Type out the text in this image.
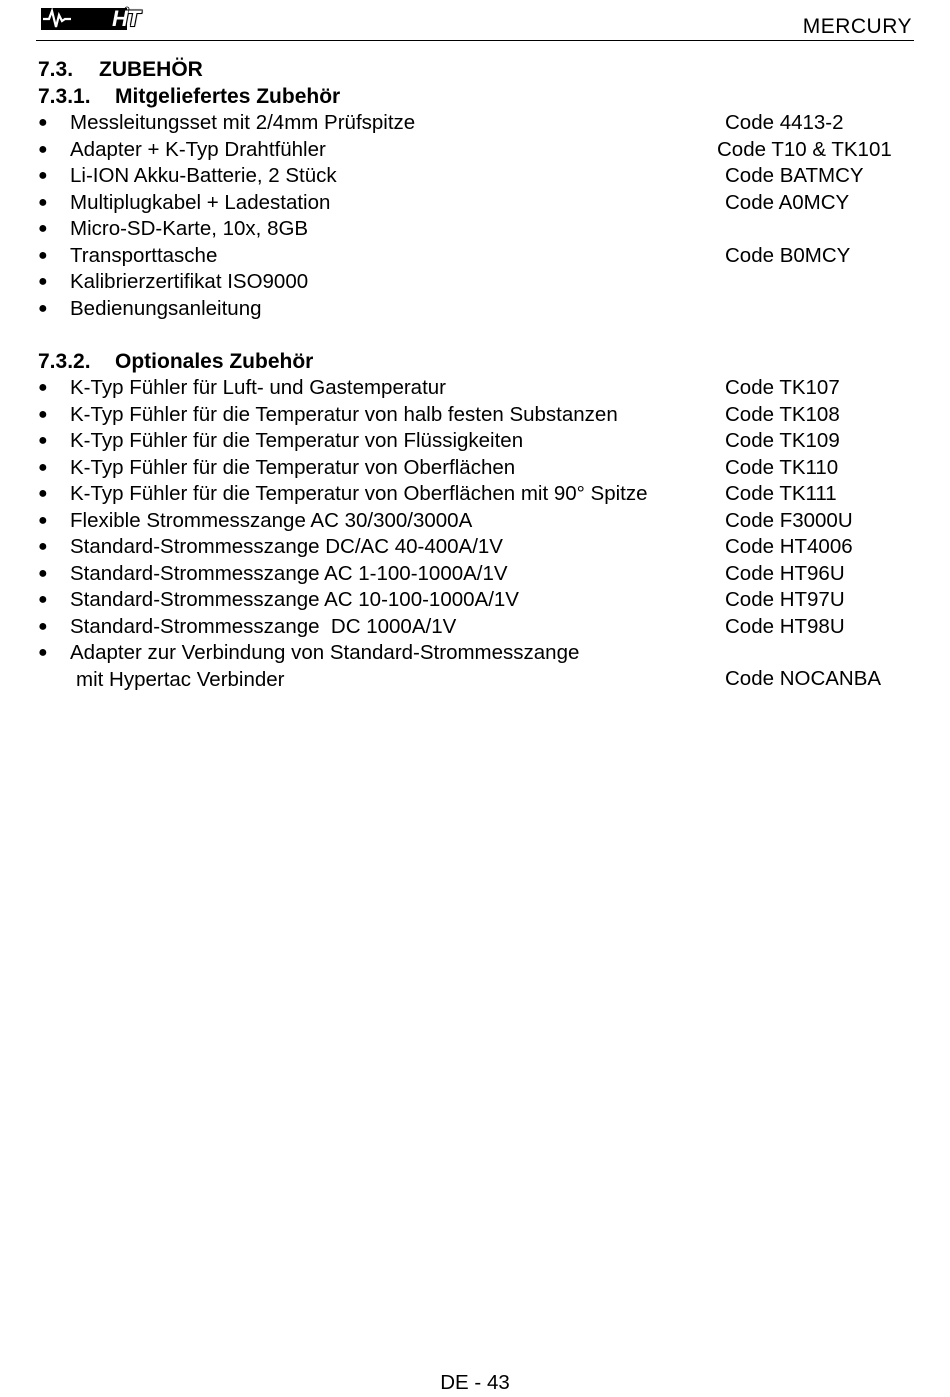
HT	MERCURY
7.3.	ZUBEHÖR
7.3.1.	Mitgeliefertes Zubehör
●	Messleitungsset mit 2/4mm Prüfspitze	Code 4413-2
●	Adapter + K-Typ Drahtfühler	Code T10 & TK101
●	Li-ION Akku-Batterie, 2 Stück	Code BATMCY
●	Multiplugkabel + Ladestation	Code A0MCY
●	Micro-SD-Karte, 10x, 8GB
●	Transporttasche	Code B0MCY
●	Kalibrierzertifikat ISO9000
●	Bedienungsanleitung
7.3.2.	Optionales Zubehör
●	K-Typ Fühler für Luft- und Gastemperatur	Code TK107
●	K-Typ Fühler für die Temperatur von halb festen Substanzen	Code TK108
●	K-Typ Fühler für die Temperatur von Flüssigkeiten	Code TK109
●	K-Typ Fühler für die Temperatur von Oberflächen	Code TK110
●	K-Typ Fühler für die Temperatur von Oberflächen mit 90° Spitze	Code TK111
●	Flexible Strommesszange AC 30/300/3000A	Code F3000U
●	Standard-Strommesszange DC/AC 40-400A/1V	Code HT4006
●	Standard-Strommesszange AC 1-100-1000A/1V	Code HT96U
●	Standard-Strommesszange AC 10-100-1000A/1V	Code HT97U
●	Standard-Strommesszange  DC 1000A/1V	Code HT98U
●	Adapter zur Verbindung von Standard-Strommesszange
mit Hypertac Verbinder	Code NOCANBA
DE - 43
